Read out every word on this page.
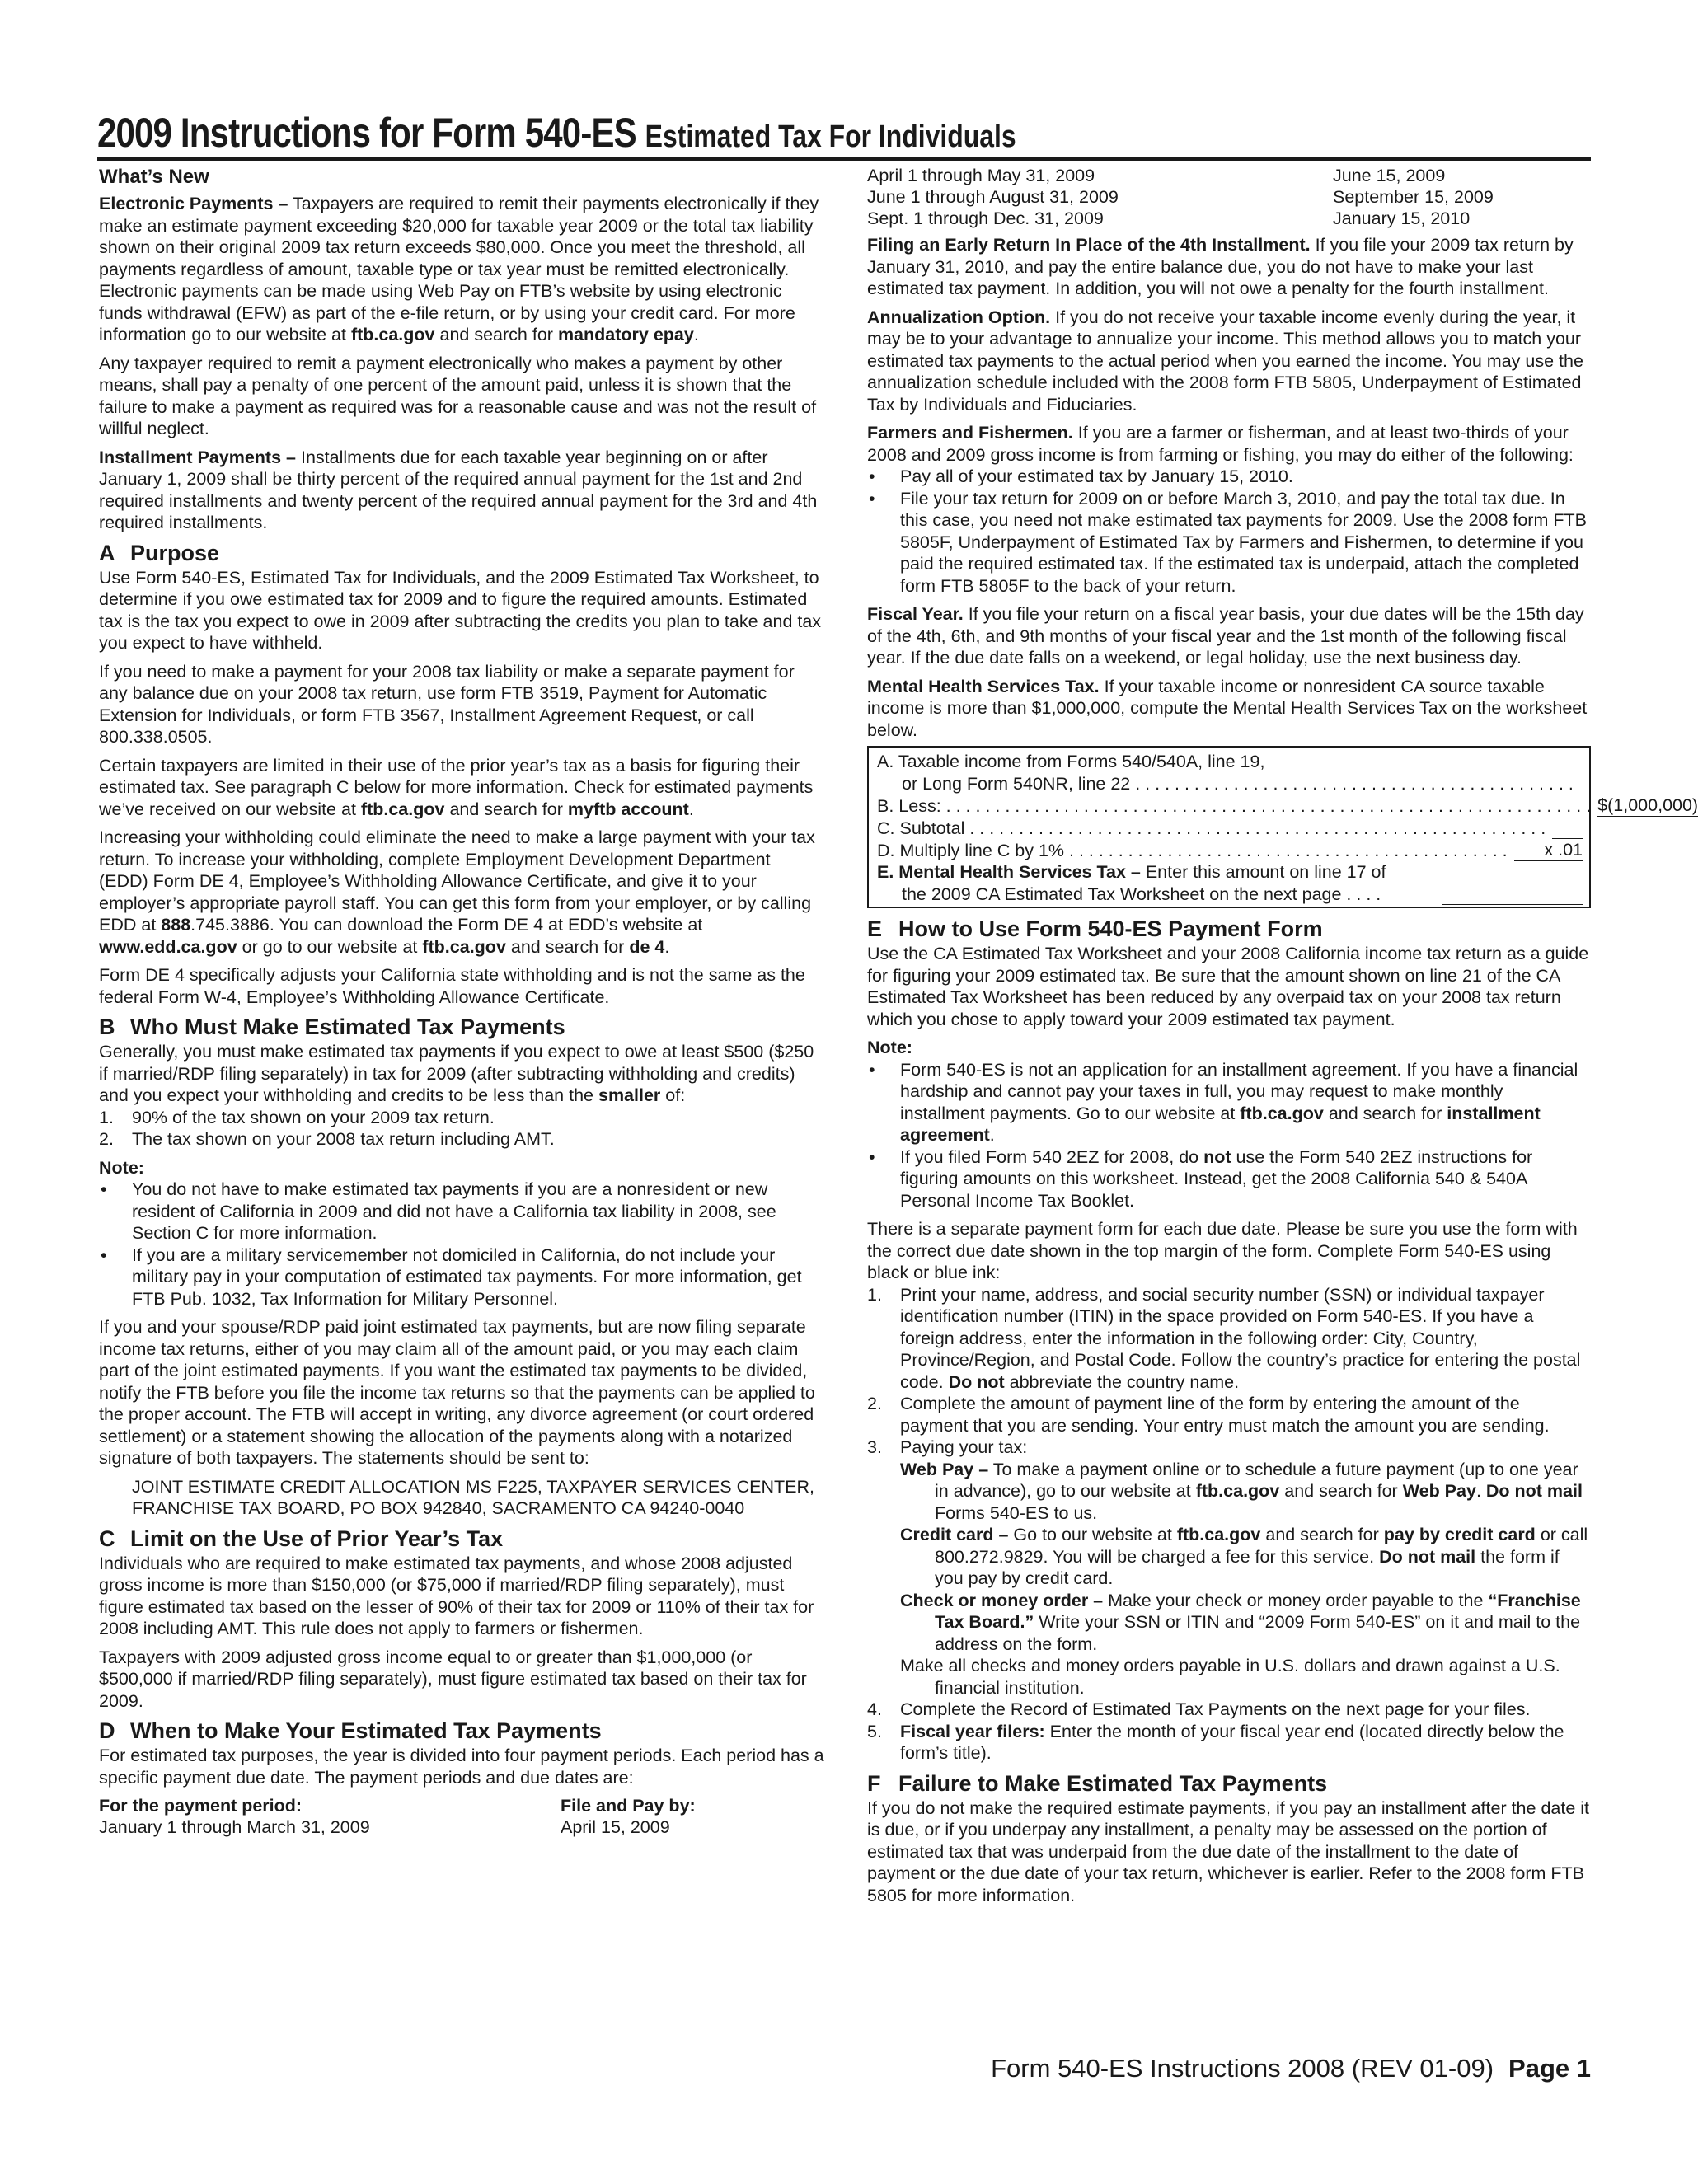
2009 Instructions for Form 540-ES Estimated Tax For Individuals
What’s New

Electronic Payments – Taxpayers are required to remit their payments electronically if they make an estimate payment exceeding $20,000 for taxable year 2009 or the total tax liability shown on their original 2009 tax return exceeds $80,000. Once you meet the threshold, all payments regardless of amount, taxable type or tax year must be remitted electronically. Electronic payments can be made using Web Pay on FTB’s website by using electronic funds withdrawal (EFW) as part of the e-file return, or by using your credit card. For more information go to our website at ftb.ca.gov and search for mandatory epay.

Any taxpayer required to remit a payment electronically who makes a payment by other means, shall pay a penalty of one percent of the amount paid, unless it is shown that the failure to make a payment as required was for a reasonable cause and was not the result of willful neglect.

Installment Payments – Installments due for each taxable year beginning on or after January 1, 2009 shall be thirty percent of the required annual payment for the 1st and 2nd required installments and twenty percent of the required annual payment for the 3rd and 4th required installments.

A Purpose

Use Form 540-ES, Estimated Tax for Individuals, and the 2009 Estimated Tax Worksheet, to determine if you owe estimated tax for 2009 and to figure the required amounts. Estimated tax is the tax you expect to owe in 2009 after subtracting the credits you plan to take and tax you expect to have withheld.

If you need to make a payment for your 2008 tax liability or make a separate payment for any balance due on your 2008 tax return, use form FTB 3519, Payment for Automatic Extension for Individuals, or form FTB 3567, Installment Agreement Request, or call 800.338.0505.

Certain taxpayers are limited in their use of the prior year’s tax as a basis for figuring their estimated tax. See paragraph C below for more information. Check for estimated payments we’ve received on our website at ftb.ca.gov and search for myftb account.

Increasing your withholding could eliminate the need to make a large payment with your tax return. To increase your withholding, complete Employment Development Department (EDD) Form DE 4, Employee’s Withholding Allowance Certificate, and give it to your employer’s appropriate payroll staff. You can get this form from your employer, or by calling EDD at 888.745.3886. You can download the Form DE 4 at EDD’s website at www.edd.ca.gov or go to our website at ftb.ca.gov and search for de 4.

Form DE 4 specifically adjusts your California state withholding and is not the same as the federal Form W-4, Employee’s Withholding Allowance Certificate.

B Who Must Make Estimated Tax Payments

Generally, you must make estimated tax payments if you expect to owe at least $500 ($250 if married/RDP filing separately) in tax for 2009 (after subtracting withholding and credits) and you expect your withholding and credits to be less than the smaller of:

1. 90% of the tax shown on your 2009 tax return.
2. The tax shown on your 2008 tax return including AMT.
Note:
• You do not have to make estimated tax payments if you are a nonresident or new resident of California in 2009 and did not have a California tax liability in 2008, see Section C for more information.
• If you are a military servicemember not domiciled in California, do not include your military pay in your computation of estimated tax payments. For more information, get FTB Pub. 1032, Tax Information for Military Personnel.

If you and your spouse/RDP paid joint estimated tax payments, but are now filing separate income tax returns, either of you may claim all of the amount paid, or you may each claim part of the joint estimated payments. If you want the estimated tax payments to be divided, notify the FTB before you file the income tax returns so that the payments can be applied to the proper account. The FTB will accept in writing, any divorce agreement (or court ordered settlement) or a statement showing the allocation of the payments along with a notarized signature of both taxpayers. The statements should be sent to:

JOINT ESTIMATE CREDIT ALLOCATION MS F225, TAXPAYER SERVICES CENTER, FRANCHISE TAX BOARD, PO BOX 942840, SACRAMENTO CA 94240-0040

C Limit on the Use of Prior Year’s Tax

Individuals who are required to make estimated tax payments, and whose 2008 adjusted gross income is more than $150,000 (or $75,000 if married/RDP filing separately), must figure estimated tax based on the lesser of 90% of their tax for 2009 or 110% of their tax for 2008 including AMT. This rule does not apply to farmers or fishermen.

Taxpayers with 2009 adjusted gross income equal to or greater than $1,000,000 (or $500,000 if married/RDP filing separately), must figure estimated tax based on their tax for 2009.

D When to Make Your Estimated Tax Payments

For estimated tax purposes, the year is divided into four payment periods. Each period has a specific payment due date. The payment periods and due dates are:

For the payment period:	File and Pay by:
January 1 through March 31, 2009	April 15, 2009
April 1 through May 31, 2009	June 15, 2009
June 1 through August 31, 2009	September 15, 2009
Sept. 1 through Dec. 31, 2009	January 15, 2010

Filing an Early Return In Place of the 4th Installment. If you file your 2009 tax return by January 31, 2010, and pay the entire balance due, you do not have to make your last estimated tax payment. In addition, you will not owe a penalty for the fourth installment.

Annualization Option. If you do not receive your taxable income evenly during the year, it may be to your advantage to annualize your income. This method allows you to match your estimated tax payments to the actual period when you earned the income. You may use the annualization schedule included with the 2008 form FTB 5805, Underpayment of Estimated Tax by Individuals and Fiduciaries.

Farmers and Fishermen. If you are a farmer or fisherman, and at least two-thirds of your 2008 and 2009 gross income is from farming or fishing, you may do either of the following:

• Pay all of your estimated tax by January 15, 2010.
• File your tax return for 2009 on or before March 3, 2010, and pay the total tax due. In this case, you need not make estimated tax payments for 2009. Use the 2008 form FTB 5805F, Underpayment of Estimated Tax by Farmers and Fishermen, to determine if you paid the required estimated tax. If the estimated tax is underpaid, attach the completed form FTB 5805F to the back of your return.

Fiscal Year. If you file your return on a fiscal year basis, your due dates will be the 15th day of the 4th, 6th, and 9th months of your fiscal year and the 1st month of the following fiscal year. If the due date falls on a weekend, or legal holiday, use the next business day.

Mental Health Services Tax. If your taxable income or nonresident CA source taxable income is more than $1,000,000, compute the Mental Health Services Tax on the worksheet below.

A. Taxable income from Forms 540/540A, line 19,
or Long Form 540NR, line 22 . . . . . . . . . . . . . . . . . . . . . . . . . . . . . . . . . . . . . . . . . . . . .

B. Less: . . . . . . . . . . . . . . . . . . . . . . . . . . . . . . . . . . . . . . . . . . . . . . . . . . . . . . . . . . . . . . . . . . $(1,000,000)
C. Subtotal . . . . . . . . . . . . . . . . . . . . . . . . . . . . . . . . . . . . . . . . . . . . . . . . . . . . . . . . . . .

D. Multiply line C by 1% . . . . . . . . . . . . . . . . . . . . . . . . . . . . . . . . . . . . . . . . . . . . .	x .01
E. Mental Health Services Tax – Enter this amount on line 17 of
the 2009 CA Estimated Tax Worksheet on the next page . . . .

E How to Use Form 540-ES Payment Form

Use the CA Estimated Tax Worksheet and your 2008 California income tax return as a guide for figuring your 2009 estimated tax. Be sure that the amount shown on line 21 of the CA Estimated Tax Worksheet has been reduced by any overpaid tax on your 2008 tax return which you chose to apply toward your 2009 estimated tax payment.

Note:
• Form 540-ES is not an application for an installment agreement. If you have a financial hardship and cannot pay your taxes in full, you may request to make monthly installment payments. Go to our website at ftb.ca.gov and search for installment agreement.
• If you filed Form 540 2EZ for 2008, do not use the Form 540 2EZ instructions for figuring amounts on this worksheet. Instead, get the 2008 California 540 & 540A Personal Income Tax Booklet.

There is a separate payment form for each due date. Please be sure you use the form with the correct due date shown in the top margin of the form. Complete Form 540-ES using black or blue ink:

1. Print your name, address, and social security number (SSN) or individual taxpayer identification number (ITIN) in the space provided on Form 540-ES. If you have a foreign address, enter the information in the following order: City, Country, Province/Region, and Postal Code. Follow the country’s practice for entering the postal code. Do not abbreviate the country name.
2. Complete the amount of payment line of the form by entering the amount of the payment that you are sending. Your entry must match the amount you are sending.
3. Paying your tax:
Web Pay – To make a payment online or to schedule a future payment (up to one year in advance), go to our website at ftb.ca.gov and search for Web Pay. Do not mail Forms 540-ES to us.
Credit card – Go to our website at ftb.ca.gov and search for pay by credit card or call 800.272.9829. You will be charged a fee for this service. Do not mail the form if you pay by credit card.
Check or money order – Make your check or money order payable to the “Franchise Tax Board.” Write your SSN or ITIN and “2009 Form 540-ES” on it and mail to the address on the form.
Make all checks and money orders payable in U.S. dollars and drawn against a U.S. financial institution.
4. Complete the Record of Estimated Tax Payments on the next page for your files.
5. Fiscal year filers: Enter the month of your fiscal year end (located directly below the form’s title).
F Failure to Make Estimated Tax Payments

If you do not make the required estimate payments, if you pay an installment after the date it is due, or if you underpay any installment, a penalty may be assessed on the portion of estimated tax that was underpaid from the due date of the installment to the date of payment or the due date of your tax return, whichever is earlier. Refer to the 2008 form FTB 5805 for more information.

Form 540-ES Instructions 2008 (REV 01-09) Page 1
